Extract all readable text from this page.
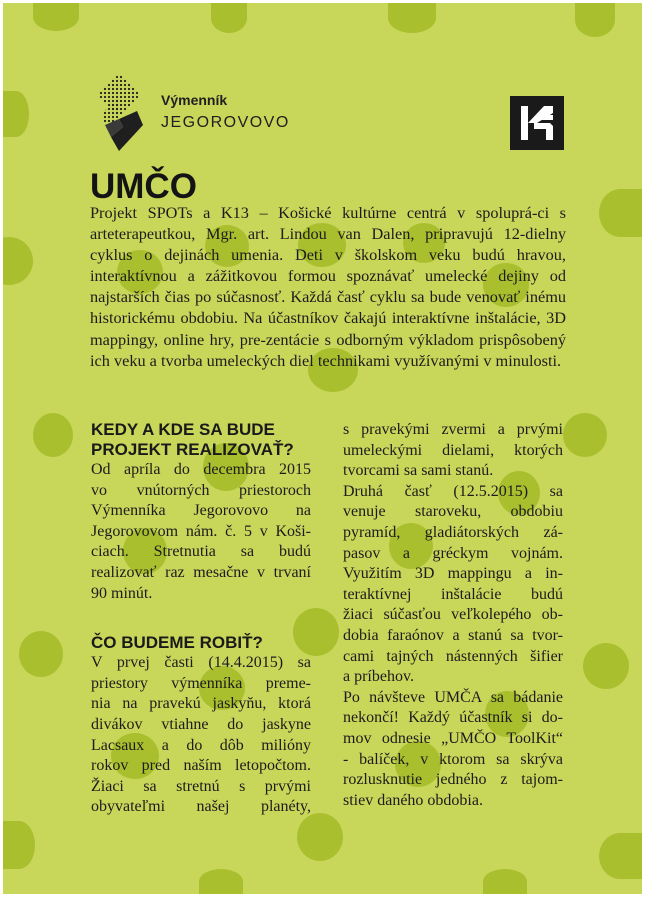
Výmenník

JEGOROVOVO

UMČO

Projekt SPOTs a K13 – Košické kultúrne centrá v spoluprá-ci s arteterapeutkou, Mgr. art. Lindou van Dalen, pripravujú 12-dielny cyklus o dejinách umenia. Deti v školskom veku budú hravou, interaktívnou a zážitkovou formou spoznávať umelecké dejiny od najstarších čias po súčasnosť. Každá časť cyklu sa bude venovať inému historickému obdobiu. Na účastníkov čakajú interaktívne inštalácie, 3D mappingy, online hry, pre-zentácie s odborným výkladom prispôsobený ich veku a tvorba umeleckých diel technikami využívanými v minulosti.

KEDY A KDE SA BUDE
PROJEKT REALIZOVAŤ?

Od apríla do decembra 2015
vo vnútorných priestoroch
Výmenníka Jegorovovo na
Jegorovovom nám. č. 5 v Koši-
ciach. Stretnutia sa budú
realizovať raz mesačne v trvaní
90 minút.

ČO BUDEME ROBIŤ?

V prvej časti (14.4.2015) sa
priestory výmenníka preme-
nia na pravekú jaskyňu, ktorá
divákov vtiahne do jaskyne
Lacsaux a do dôb milióny
rokov pred naším letopočtom.
Žiaci sa stretnú s prvými
obyvateľmi našej planéty,

s pravekými zvermi a prvými
umeleckými dielami, ktorých
tvorcami sa sami stanú.

Druhá časť (12.5.2015) sa
venuje staroveku, obdobiu
pyramíd, gladiátorských zá-
pasov a gréckym vojnám.
Využitím 3D mappingu a in-
teraktívnej inštalácie budú
žiaci súčasťou veľkolepého ob-
dobia faraónov a stanú sa tvor-
cami tajných nástenných šifier
a príbehov.

Po návšteve UMČA sa bádanie
nekončí! Každý účastník si do-
mov odnesie „UMČO ToolKit“
- balíček, v ktorom sa skrýva
rozlusknutie jedného z tajom-
stiev daného obdobia.
